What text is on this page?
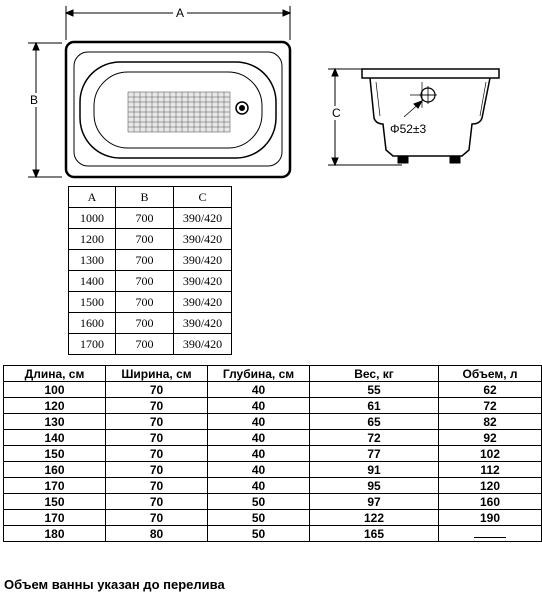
A
B
C
Φ52±3
A	B	C
1000	700	390/420
1200	700	390/420
1300	700	390/420
1400	700	390/420
1500	700	390/420
1600	700	390/420
1700	700	390/420
Длина, см	Ширина, см	Глубина, см	Вес, кг	Объем, л
100	70	40	55	62
120	70	40	61	72
130	70	40	65	82
140	70	40	72	92
150	70	40	77	102
160	70	40	91	112
170	70	40	95	120
150	70	50	97	160
170	70	50	122	190
180	80	50	165	
Объем ванны указан до перелива
